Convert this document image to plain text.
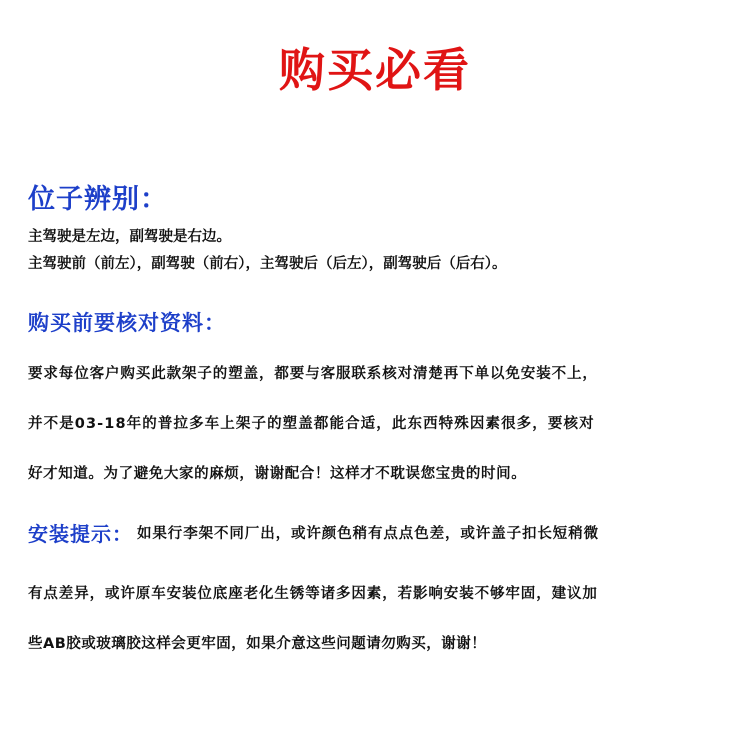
购买必看
位子辨别：
主驾驶是左边，副驾驶是右边。
主驾驶前（前左），副驾驶（前右），主驾驶后（后左），副驾驶后（后右）。
购买前要核对资料：
要求每位客户购买此款架子的塑盖，都要与客服联系核对清楚再下单以免安装不上，
并不是03-18年的普拉多车上架子的塑盖都能合适，此东西特殊因素很多，要核对
好才知道。为了避免大家的麻烦，谢谢配合！这样才不耽误您宝贵的时间。
安装提示： 如果行李架不同厂出，或许颜色稍有点点色差，或许盖子扣长短稍微
有点差异，或许原车安装位底座老化生锈等诸多因素，若影响安装不够牢固，建议加
些AB胶或玻璃胶这样会更牢固，如果介意这些问题请勿购买，谢谢！
